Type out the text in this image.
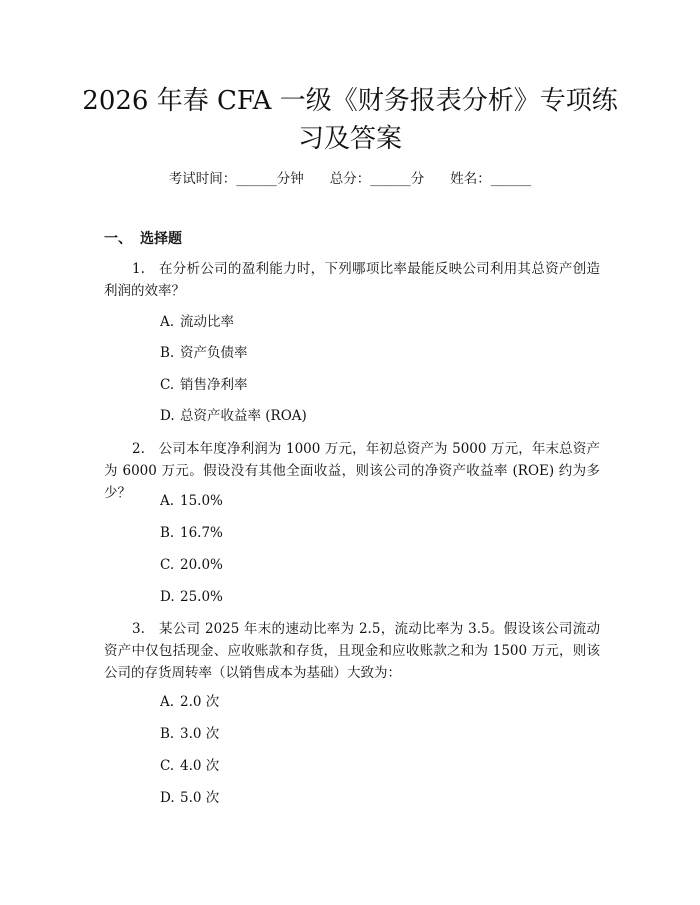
2026 年春 CFA 一级《财务报表分析》专项练习及答案
考试时间：______分钟 总分：______分 姓名：______
一、 选择题

1.　在分析公司的盈利能力时，下列哪项比率最能反映公司利用其总资产创造利润的效率？

A. 流动比率
B. 资产负债率
C. 销售净利率
D. 总资产收益率 (ROA)

2.　公司本年度净利润为 1000 万元，年初总资产为 5000 万元，年末总资产为 6000 万元。假设没有其他全面收益，则该公司的净资产收益率 (ROE) 约为多少？	A. 15.0%
B. 16.7%
C. 20.0%
D. 25.0%

3.　某公司 2025 年末的速动比率为 2.5，流动比率为 3.5。假设该公司流动资产中仅包括现金、应收账款和存货，且现金和应收账款之和为 1500 万元，则该公司的存货周转率（以销售成本为基础）大致为：

A. 2.0 次
B. 3.0 次
C. 4.0 次
D. 5.0 次
